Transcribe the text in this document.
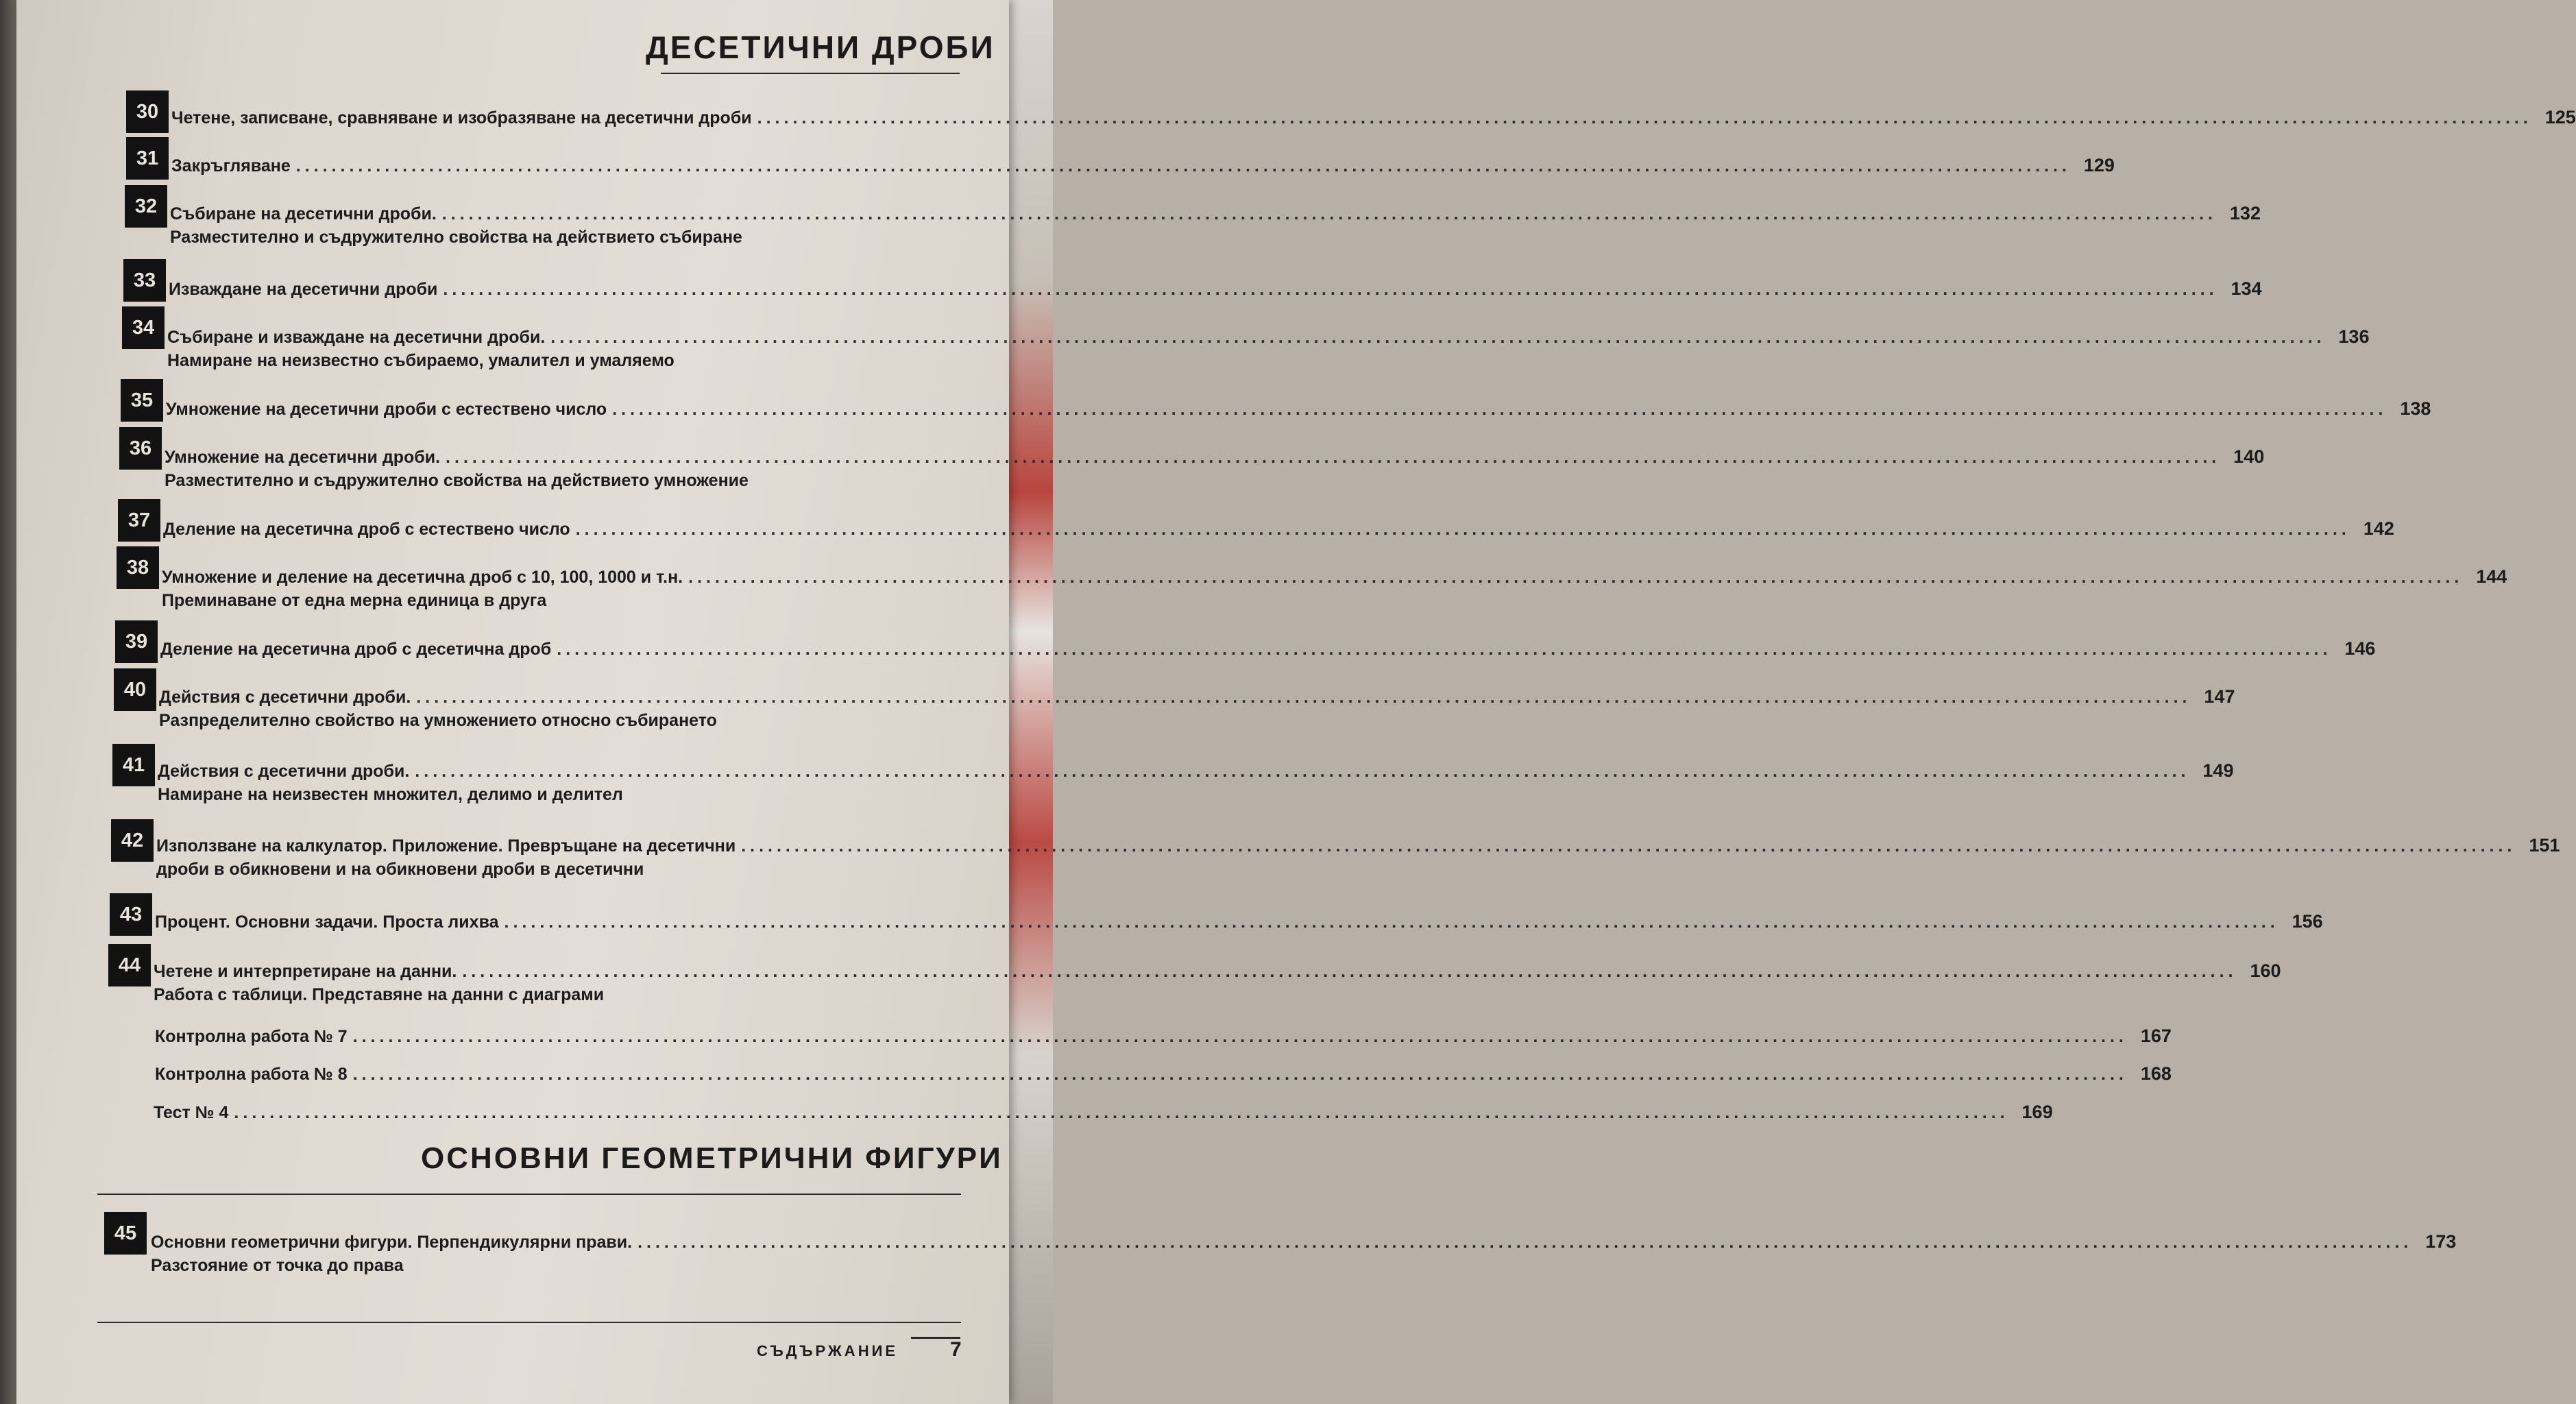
ДЕСЕТИЧНИ ДРОБИ
30 Четене, записване, сравняване и изобразяване на десетични дроби ........................................................................................................................................................................................................ 125
31 Закръгляване ........................................................................................................................................................................................................ 129
32 Събиране на десетични дроби. ........................................................................................................................................................................................................ 132
Разместително и съдружително свойства на действието събиране
33 Изваждане на десетични дроби ........................................................................................................................................................................................................ 134
34 Събиране и изваждане на десетични дроби. ........................................................................................................................................................................................................ 136
Намиране на неизвестно събираемо, умалител и умаляемо
35 Умножение на десетични дроби с естествено число ........................................................................................................................................................................................................ 138
36 Умножение на десетични дроби. ........................................................................................................................................................................................................ 140
Разместително и съдружително свойства на действието умножение
37 Деление на десетична дроб с естествено число ........................................................................................................................................................................................................ 142
38 Умножение и деление на десетична дроб с 10, 100, 1000 и т.н. ........................................................................................................................................................................................................ 144
Преминаване от една мерна единица в друга
39 Деление на десетична дроб с десетична дроб ........................................................................................................................................................................................................ 146
40 Действия с десетични дроби. ........................................................................................................................................................................................................ 147
Разпределително свойство на умножението относно събирането
41 Действия с десетични дроби. ........................................................................................................................................................................................................ 149
Намиране на неизвестен множител, делимо и делител
42 Използване на калкулатор. Приложение. Превръщане на десетични ........................................................................................................................................................................................................ 151
дроби в обикновени и на обикновени дроби в десетични
43 Процент. Основни задачи. Проста лихва ........................................................................................................................................................................................................ 156
44 Четене и интерпретиране на данни. ........................................................................................................................................................................................................ 160
Работа с таблици. Представяне на данни с диаграми
Контролна работа № 7 ........................................................................................................................................................................................................ 167
Контролна работа № 8 ........................................................................................................................................................................................................ 168
Тест № 4 ........................................................................................................................................................................................................ 169
45 Основни геометрични фигури. Перпендикулярни прави. ........................................................................................................................................................................................................ 173
Разстояние от точка до права
ОСНОВНИ ГЕОМЕТРИЧНИ ФИГУРИ
СЪДЪРЖАНИЕ	7
